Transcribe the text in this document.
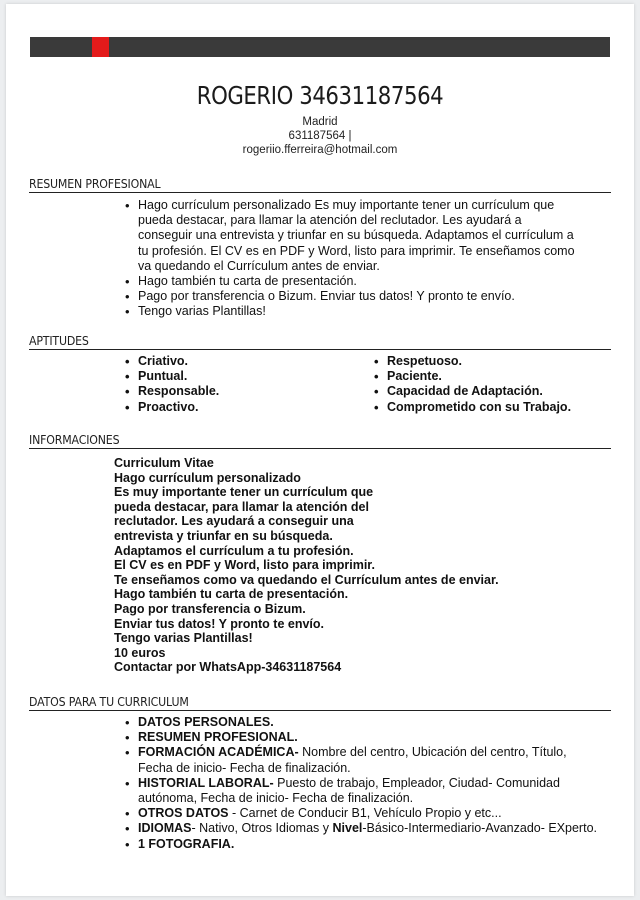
ROGERIO 34631187564
Madrid
631187564 |
rogeriio.fferreira@hotmail.com
RESUMEN PROFESIONAL
• Hago currículum personalizado Es muy importante tener un currículum que pueda destacar, para llamar la atención del reclutador. Les ayudará a conseguir una entrevista y triunfar en su búsqueda. Adaptamos el currículum a tu profesión. El CV es en PDF y Word, listo para imprimir. Te enseñamos como va quedando el Currículum antes de enviar.
• Hago también tu carta de presentación.
• Pago por transferencia o Bizum. Enviar tus datos! Y pronto te envío.
• Tengo varias Plantillas!
APTITUDES
• Criativo.
• Puntual.
• Responsable.
• Proactivo.
• Respetuoso.
• Paciente.
• Capacidad de Adaptación.
• Comprometido con su Trabajo.
INFORMACIONES
Curriculum Vitae
Hago currículum personalizado
Es muy importante tener un currículum que
pueda destacar, para llamar la atención del
reclutador. Les ayudará a conseguir una
entrevista y triunfar en su búsqueda.
Adaptamos el currículum a tu profesión.
El CV es en PDF y Word, listo para imprimir.
Te enseñamos como va quedando el Currículum antes de enviar.
Hago también tu carta de presentación.
Pago por transferencia o Bizum.
Enviar tus datos! Y pronto te envío.
Tengo varias Plantillas!
10 euros
Contactar por WhatsApp-34631187564
DATOS PARA TU CURRICULUM
• DATOS PERSONALES.
• RESUMEN PROFESIONAL.
• FORMACIÓN ACADÉMICA- Nombre del centro, Ubicación del centro, Título, Fecha de inicio- Fecha de finalización.
• HISTORIAL LABORAL- Puesto de trabajo, Empleador, Ciudad- Comunidad autónoma, Fecha de inicio- Fecha de finalización.
• OTROS DATOS - Carnet de Conducir B1, Vehículo Propio y etc...
• IDIOMAS- Nativo, Otros Idiomas y Nivel-Básico-Intermediario-Avanzado- EXperto.
• 1 FOTOGRAFIA.
